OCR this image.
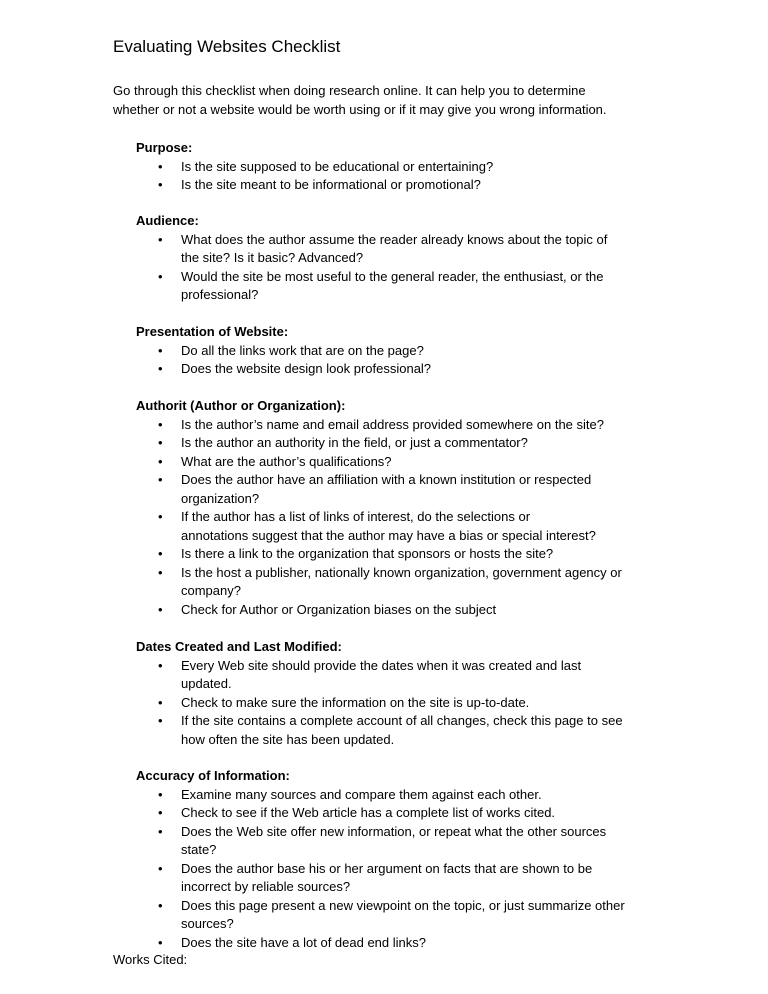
Evaluating Websites Checklist

Go through this checklist when doing research online. It can help you to determine

whether or not a website would be worth using or if it may give you wrong information.

Purpose:
• Is the site supposed to be educational or entertaining?
• Is the site meant to be informational or promotional?
Audience:
• What does the author assume the reader already knows about the topic of
the site? Is it basic? Advanced?
• Would the site be most useful to the general reader, the enthusiast, or the
professional?
Presentation of Website:
• Do all the links work that are on the page?
• Does the website design look professional?
Authorit (Author or Organization):
• Is the author’s name and email address provided somewhere on the site?
• Is the author an authority in the field, or just a commentator?
• What are the author’s qualifications?
• Does the author have an affiliation with a known institution or respected
organization?
• If the author has a list of links of interest, do the selections or
annotations suggest that the author may have a bias or special interest?
• Is there a link to the organization that sponsors or hosts the site?
• Is the host a publisher, nationally known organization, government agency or
company?
• Check for Author or Organization biases on the subject
Dates Created and Last Modified:
• Every Web site should provide the dates when it was created and last
updated.
• Check to make sure the information on the site is up-to-date.
• If the site contains a complete account of all changes, check this page to see
how often the site has been updated.
Accuracy of Information:
• Examine many sources and compare them against each other.
• Check to see if the Web article has a complete list of works cited.
• Does the Web site offer new information, or repeat what the other sources
state?
• Does the author base his or her argument on facts that are shown to be
incorrect by reliable sources?
• Does this page present a new viewpoint on the topic, or just summarize other
sources?
• Does the site have a lot of dead end links?
Works Cited:
